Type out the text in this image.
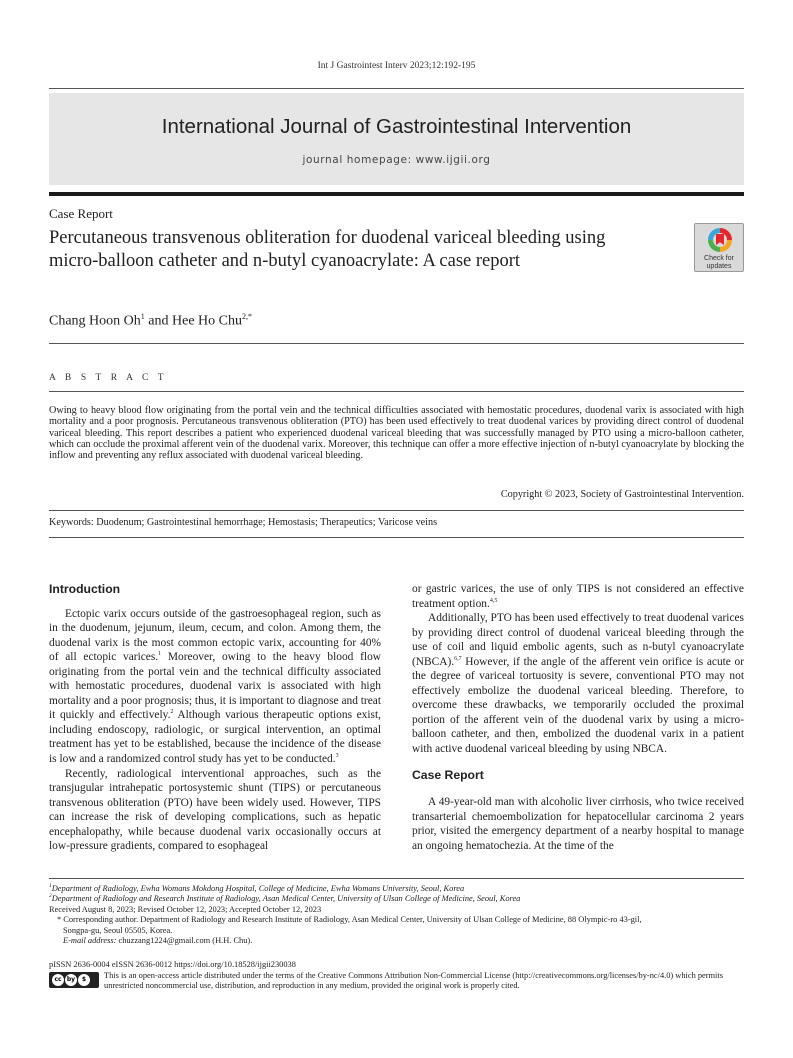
Int J Gastrointest Interv 2023;12:192-195
International Journal of Gastrointestinal Intervention
journal homepage: www.ijgii.org
Case Report
Percutaneous transvenous obliteration for duodenal variceal bleeding using micro-balloon catheter and n-butyl cyanoacrylate: A case report	Check for
updates
Chang Hoon Oh$^1$ and Hee Ho Chu$^{2,*}$
A B S T R A C T
Owing to heavy blood flow originating from the portal vein and the technical difficulties associated with hemostatic procedures, duodenal varix is associated with high mortality and a poor prognosis. Percutaneous transvenous obliteration (PTO) has been used effectively to treat duodenal varices by providing direct control of duodenal variceal bleeding. This report describes a patient who experienced duodenal variceal bleeding that was successfully managed by PTO using a micro-balloon catheter, which can occlude the proximal afferent vein of the duodenal varix. Moreover, this technique can offer a more effective injection of n-butyl cyanoacrylate by blocking the inflow and preventing any reflux associated with duodenal variceal bleeding.
Copyright © 2023, Society of Gastrointestinal Intervention.
Keywords: Duodenum; Gastrointestinal hemorrhage; Hemostasis; Therapeutics; Varicose veins
Introduction

Ectopic varix occurs outside of the gastroesophageal region, such as in the duodenum, jejunum, ileum, cecum, and colon. Among them, the duodenal varix is the most common ectopic varix, accounting for 40% of all ectopic varices.$^1$ Moreover, owing to the heavy blood flow originating from the portal vein and the technical difficulty associated with hemostatic procedures, duodenal varix is associated with high mortality and a poor prognosis; thus, it is important to diagnose and treat it quickly and effectively.$^2$ Although various therapeutic options exist, including endoscopy, radiologic, or surgical intervention, an optimal treatment has yet to be established, because the incidence of the disease is low and a randomized control study has yet to be conducted.$^3$

Recently, radiological interventional approaches, such as the transjugular intrahepatic portosystemic shunt (TIPS) or percutaneous transvenous obliteration (PTO) have been widely used. However, TIPS can increase the risk of developing complications, such as hepatic encephalopathy, while because duodenal varix occasionally occurs at low-pressure gradients, compared to esophageal

or gastric varices, the use of only TIPS is not considered an effective treatment option.$^{4,5}$

Additionally, PTO has been used effectively to treat duodenal varices by providing direct control of duodenal variceal bleeding through the use of coil and liquid embolic agents, such as n-butyl cyanoacrylate (NBCA).$^{6,7}$ However, if the angle of the afferent vein orifice is acute or the degree of variceal tortuosity is severe, conventional PTO may not effectively embolize the duodenal variceal bleeding. Therefore, to overcome these drawbacks, we temporarily occluded the proximal portion of the afferent vein of the duodenal varix by using a micro-balloon catheter, and then, embolized the duodenal varix in a patient with active duodenal variceal bleeding by using NBCA.

Case Report

A 49-year-old man with alcoholic liver cirrhosis, who twice received transarterial chemoembolization for hepatocellular carcinoma 2 years prior, visited the emergency department of a nearby hospital to manage an ongoing hematochezia. At the time of the

$^1$Department of Radiology, Ewha Womans Mokdong Hospital, College of Medicine, Ewha Womans University, Seoul, Korea
$^2$Department of Radiology and Research Institute of Radiology, Asan Medical Center, University of Ulsan College of Medicine, Seoul, Korea
Received August 8, 2023; Revised October 12, 2023; Accepted October 12, 2023
* Corresponding author. Department of Radiology and Research Institute of Radiology, Asan Medical Center, University of Ulsan College of Medicine, 88 Olympic-ro 43-gil,
Songpa-gu, Seoul 05505, Korea.
E-mail address: chuzzang1224@gmail.com (H.H. Chu).
pISSN 2636-0004 eISSN 2636-0012 https://doi.org/10.18528/ijgii230038
cc by	$	This is an open-access article distributed under the terms of the Creative Commons Attribution Non-Commercial License (http://creativecommons.org/licenses/by-nc/4.0) which permits unrestricted noncommercial use, distribution, and reproduction in any medium, provided the original work is properly cited.
